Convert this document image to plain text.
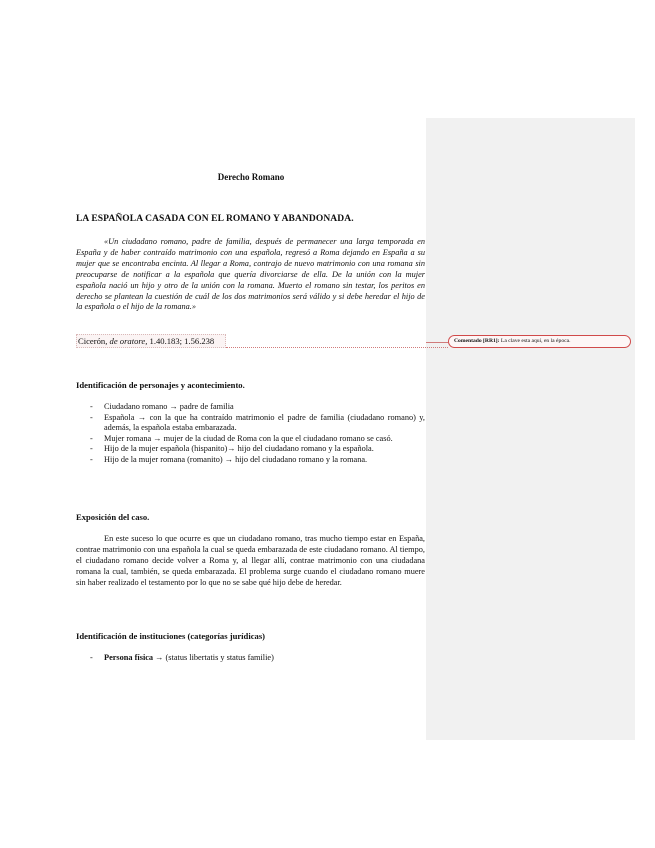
Derecho Romano
LA ESPAÑOLA CASADA CON EL ROMANO Y ABANDONADA.
«Un ciudadano romano, padre de familia, después de permanecer una larga temporada en España y de haber contraído matrimonio con una española, regresó a Roma dejando en España a su mujer que se encontraba encinta. Al llegar a Roma, contrajo de nuevo matrimonio con una romana sin preocuparse de notificar a la española que quería divorciarse de ella. De la unión con la mujer española nació un hijo y otro de la unión con la romana. Muerto el romano sin testar, los peritos en derecho se plantean la cuestión de cuál de los dos matrimonios será válido y si debe heredar el hijo de la española o el hijo de la romana.»
Cicerón, de oratore, 1.40.183; 1.56.238
Identificación de personajes y acontecimiento.
- Ciudadano romano → padre de familia
- Española → con la que ha contraído matrimonio el padre de familia (ciudadano romano) y, además, la española estaba embarazada.
- Mujer romana → mujer de la ciudad de Roma con la que el ciudadano romano se casó.
- Hijo de la mujer española (hispanito)→ hijo del ciudadano romano y la española.
- Hijo de la mujer romana (romanito) → hijo del ciudadano romano y la romana.
Exposición del caso.
En este suceso lo que ocurre es que un ciudadano romano, tras mucho tiempo estar en España, contrae matrimonio con una española la cual se queda embarazada de este ciudadano romano. Al tiempo, el ciudadano romano decide volver a Roma y, al llegar allí, contrae matrimonio con una ciudadana romana la cual, también, se queda embarazada. El problema surge cuando el ciudadano romano muere sin haber realizado el testamento por lo que no se sabe qué hijo debe de heredar.
Identificación de instituciones (categorías jurídicas)
- Persona física → (status libertatis y status familie)
Comentado [RR1]: La clave esta aquí, en la época.
